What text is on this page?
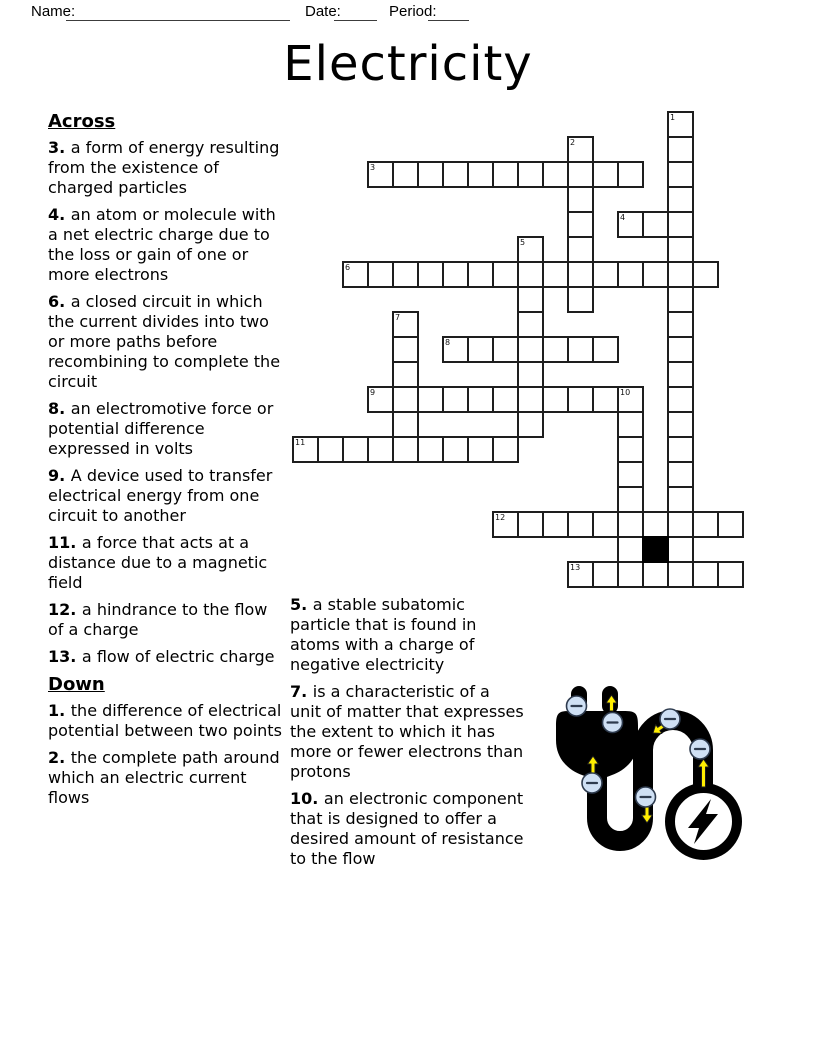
Name:	Date:	Period:
Electricity
Across

3. a form of energy resulting from the existence of charged particles

4. an atom or molecule with a net electric charge due to the loss or gain of one or more electrons

6. a closed circuit in which the current divides into two or more paths before recombining to complete the circuit

8. an electromotive force or potential difference expressed in volts

9. A device used to transfer electrical energy from one circuit to another

11. a force that acts at a distance due to a magnetic field

12. a hindrance to the flow of a charge

13. a flow of electric charge

Down

1. the difference of electrical potential between two points

2. the complete path around which an electric current flows

5. a stable subatomic particle that is found in atoms with a charge of negative electricity

7. is a characteristic of a unit of matter that expresses the extent to which it has more or fewer electrons than protons

10. an electronic component that is designed to offer a desired amount of resistance to the flow

1
2
3
4
5
6
7
8
9	10
11
12
13
